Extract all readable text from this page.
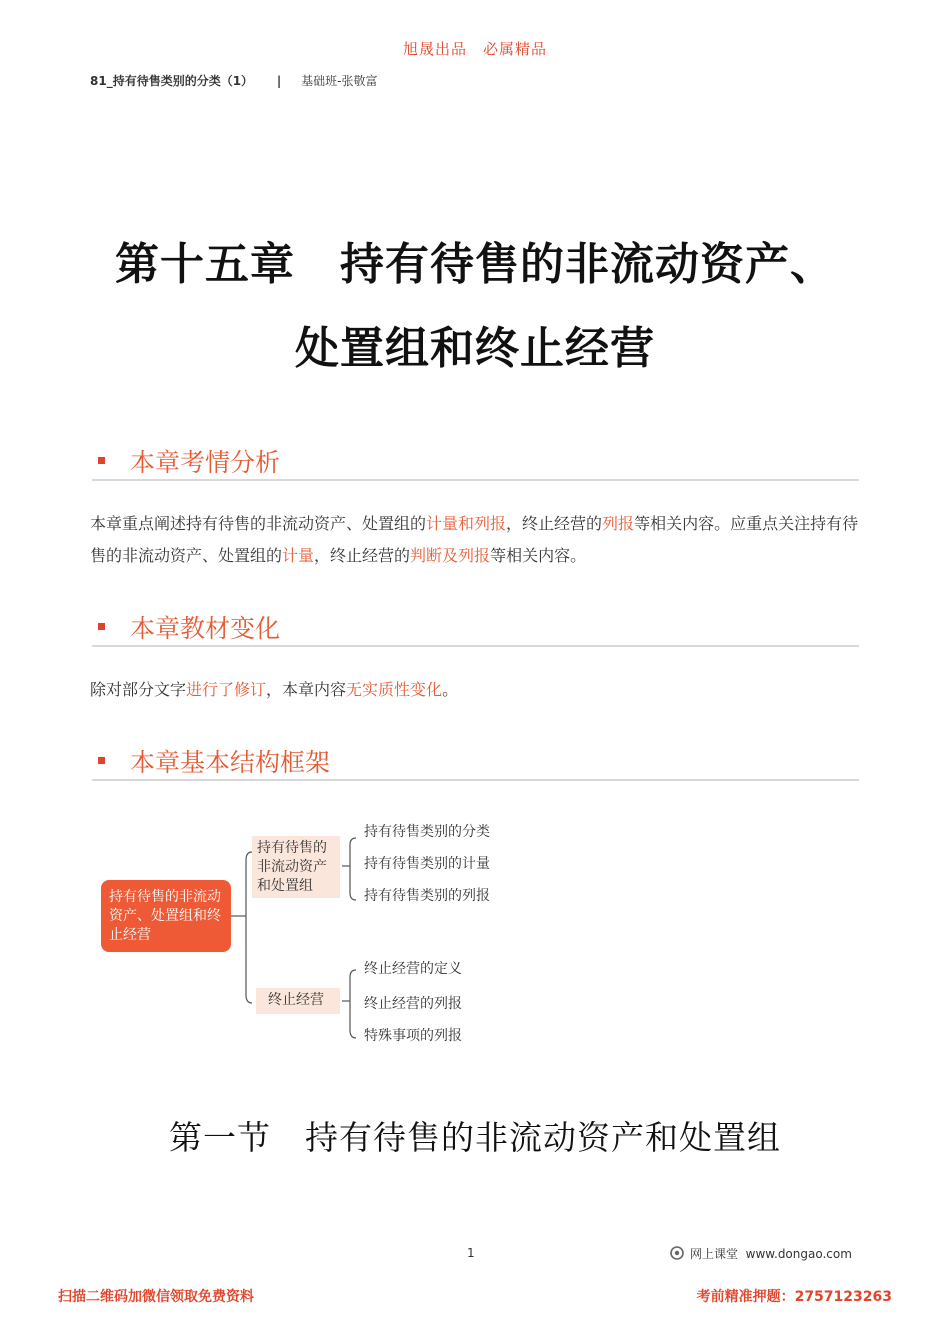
旭晟出品　必属精品
81_持有待售类别的分类（1） | 基础班-张敬富
第十五章　持有待售的非流动资产、
处置组和终止经营
本章考情分析
本章重点阐述持有待售的非流动资产、处置组的计量和列报，终止经营的列报等相关内容。应重点关注持有待售的非流动资产、处置组的计量，终止经营的判断及列报等相关内容。
本章教材变化
除对部分文字进行了修订，本章内容无实质性变化。
本章基本结构框架
持有待售的非流动资产、处置组和终止经营
持有待售的非流动资产和处置组
持有待售类别的分类
持有待售类别的计量
持有待售类别的列报
终止经营
终止经营的定义
终止经营的列报
特殊事项的列报
第一节　持有待售的非流动资产和处置组
1	网上课堂 www.dongao.com
扫描二维码加微信领取免费资料	考前精准押题：2757123263
